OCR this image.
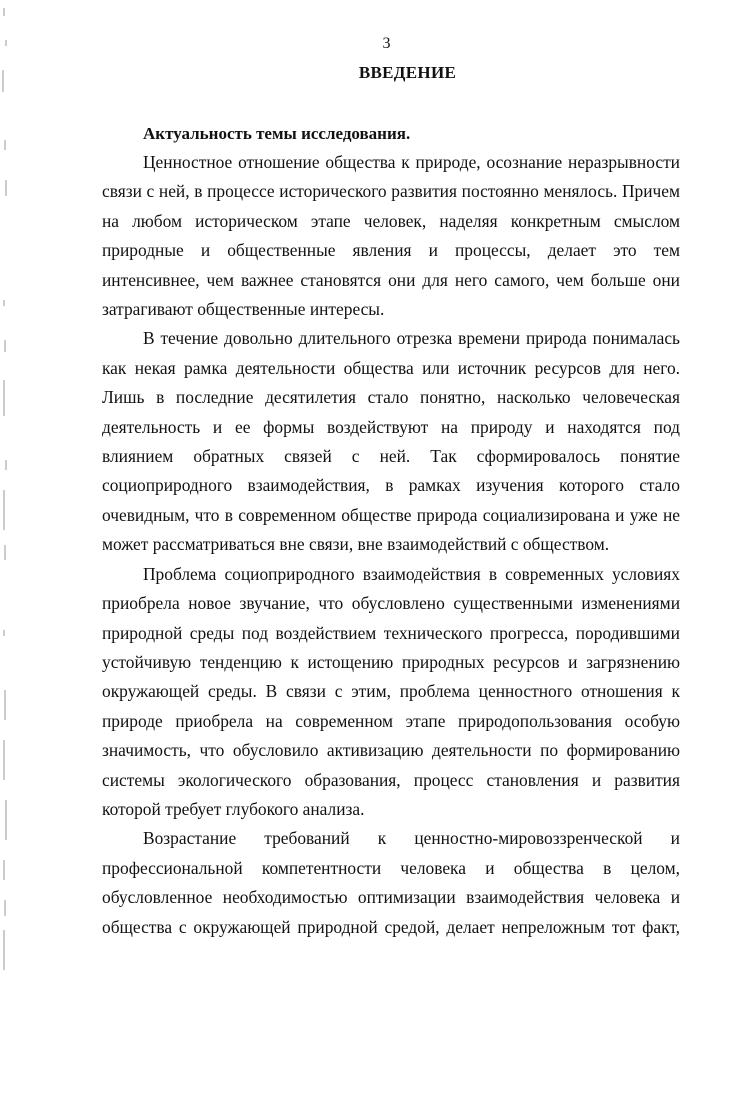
3
ВВЕДЕНИЕ

Актуальность темы исследования.

Ценностное отношение общества к природе, осознание неразрывности связи с ней, в процессе исторического развития постоянно менялось. Причем на любом историческом этапе человек, наделяя конкретным смыслом природные и общественные явления и процессы, делает это тем интенсивнее, чем важнее становятся они для него самого, чем больше они затрагивают общественные интересы.

В течение довольно длительного отрезка времени природа понималась как некая рамка деятельности общества или источник ресурсов для него. Лишь в последние десятилетия стало понятно, насколько человеческая деятельность и ее формы воздействуют на природу и находятся под влиянием обратных связей с ней. Так сформировалось понятие социоприродного взаимодействия, в рамках изучения которого стало очевидным, что в современном обществе природа социализирована и уже не может рассматриваться вне связи, вне взаимодействий с обществом.

Проблема социоприродного взаимодействия в современных условиях приобрела новое звучание, что обусловлено существенными изменениями природной среды под воздействием технического прогресса, породившими устойчивую тенденцию к истощению природных ресурсов и загрязнению окружающей среды. В связи с этим, проблема ценностного отношения к природе приобрела на современном этапе природопользования особую значимость, что обусловило активизацию деятельности по формированию системы экологического образования, процесс становления и развития которой требует глубокого анализа.

Возрастание требований к ценностно-мировоззренческой и профессиональной компетентности человека и общества в целом, обусловленное необходимостью оптимизации взаимодействия человека и общества с окружающей природной средой, делает непреложным тот факт,
